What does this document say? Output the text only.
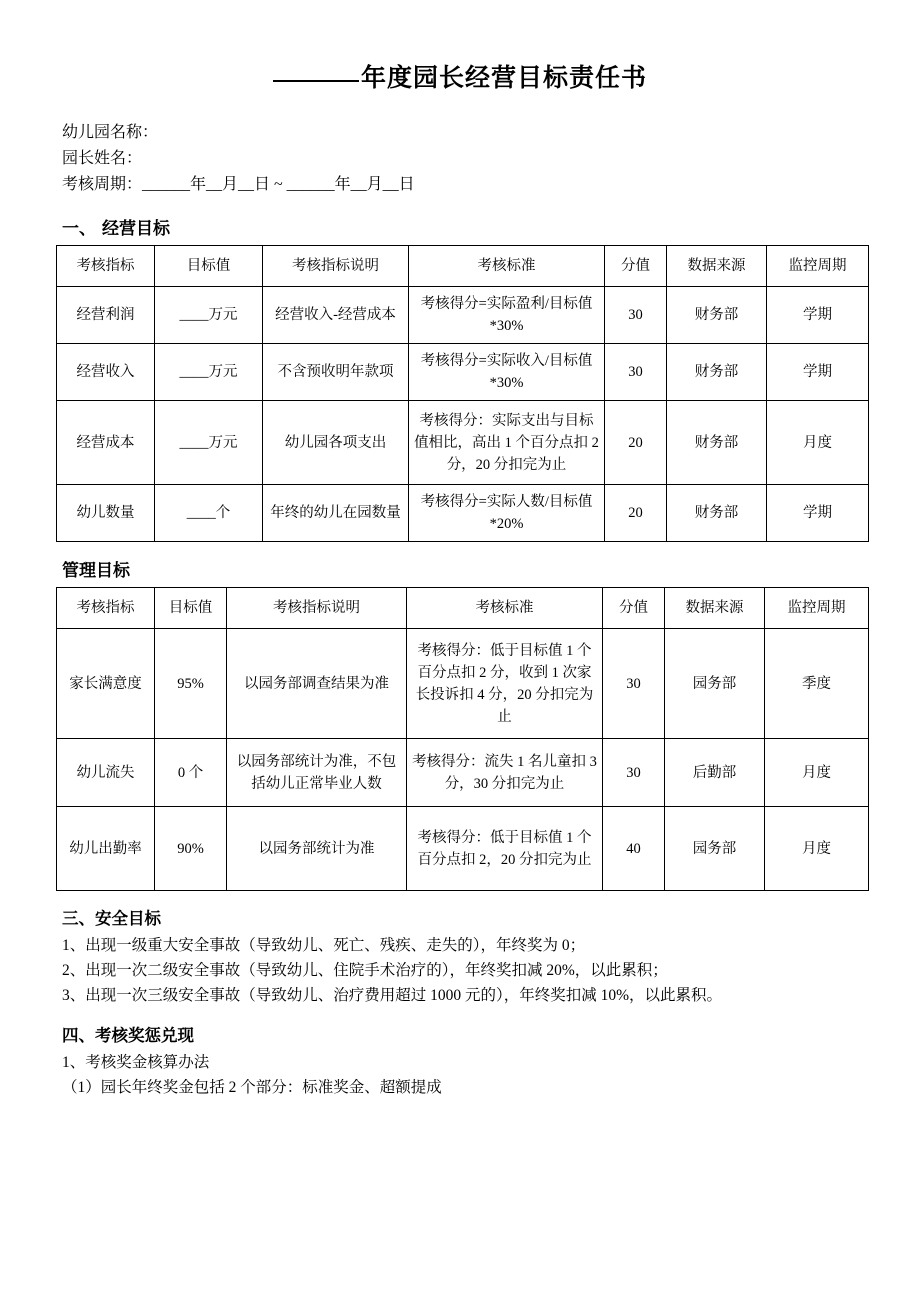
年度园长经营目标责任书
幼儿园名称：
园长姓名：
考核周期：______年__月__日 ~ ______年__月__日
一、 经营目标
考核指标	目标值	考核指标说明	考核标准	分值	数据来源	监控周期
经营利润	____万元	经营收入-经营成本	考核得分=实际盈利/目标值*30%	30	财务部	学期
经营收入	____万元	不含预收明年款项	考核得分=实际收入/目标值*30%	30	财务部	学期
经营成本	____万元	幼儿园各项支出	考核得分：实际支出与目标值相比，高出 1 个百分点扣 2 分，20 分扣完为止	20	财务部	月度
幼儿数量	____个	年终的幼儿在园数量	考核得分=实际人数/目标值*20%	20	财务部	学期
管理目标
考核指标	目标值	考核指标说明	考核标准	分值	数据来源	监控周期
家长满意度	95%	以园务部调查结果为准	考核得分：低于目标值 1 个百分点扣 2 分，收到 1 次家长投诉扣 4 分，20 分扣完为止	30	园务部	季度
幼儿流失	0 个	以园务部统计为准，不包括幼儿正常毕业人数	考核得分：流失 1 名儿童扣 3 分，30 分扣完为止	30	后勤部	月度
幼儿出勤率	90%	以园务部统计为准	考核得分：低于目标值 1 个百分点扣 2，20 分扣完为止	40	园务部	月度
三、安全目标
1、出现一级重大安全事故（导致幼儿、死亡、残疾、走失的），年终奖为 0；
2、出现一次二级安全事故（导致幼儿、住院手术治疗的），年终奖扣减 20%，以此累积；
3、出现一次三级安全事故（导致幼儿、治疗费用超过 1000 元的），年终奖扣减 10%，以此累积。
四、考核奖惩兑现
1、考核奖金核算办法
（1）园长年终奖金包括 2 个部分：标准奖金、超额提成
